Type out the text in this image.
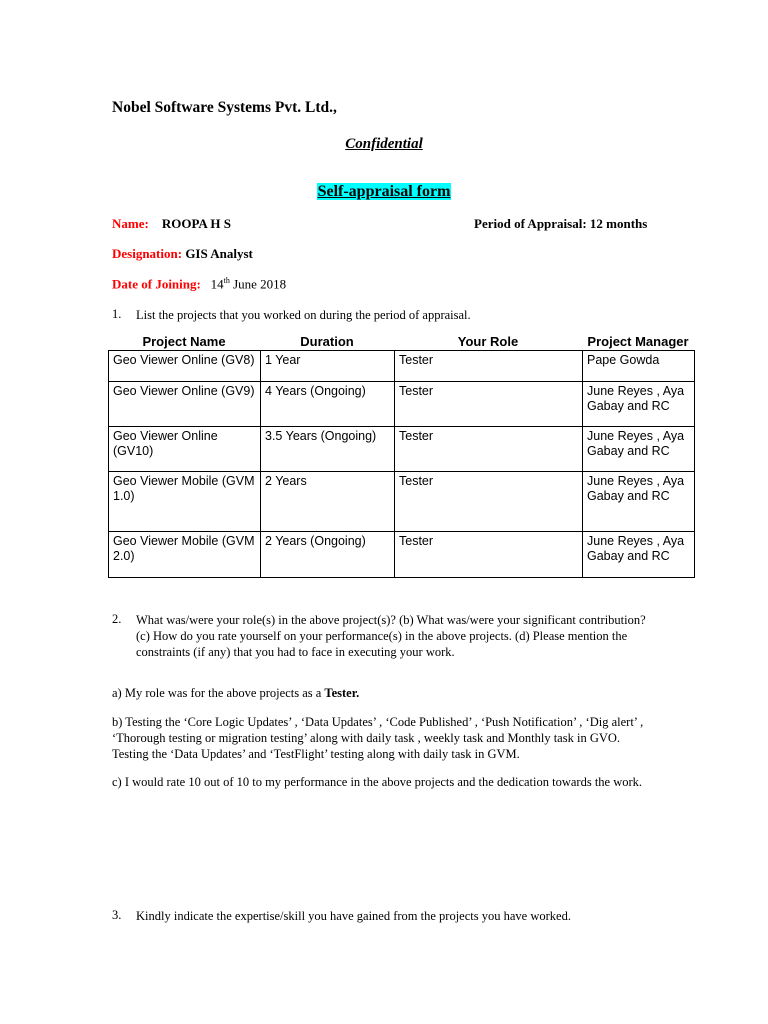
Nobel Software Systems Pvt. Ltd.,
Confidential
Self-appraisal form
Name: ROOPA H S	Period of Appraisal: 12 months
Designation: GIS Analyst
Date of Joining: 14th June 2018
1. List the projects that you worked on during the period of appraisal.
Project Name	Duration	Your Role	Project Manager
Geo Viewer Online (GV8)	1 Year	Tester	Pape Gowda
Geo Viewer Online (GV9)	4 Years (Ongoing)	Tester	June Reyes , Aya Gabay and RC
Geo Viewer Online (GV10)	3.5 Years (Ongoing)	Tester	June Reyes , Aya Gabay and RC
Geo Viewer Mobile (GVM 1.0)	2 Years	Tester	June Reyes , Aya Gabay and RC
Geo Viewer Mobile (GVM 2.0)	2 Years (Ongoing)	Tester	June Reyes , Aya Gabay and RC
2. What was/were your role(s) in the above project(s)? (b) What was/were your significant contribution?
(c) How do you rate yourself on your performance(s) in the above projects. (d) Please mention the
constraints (if any) that you had to face in executing your work.
a) My role was for the above projects as a Tester.
b) Testing the ‘Core Logic Updates’ , ‘Data Updates’ , ‘Code Published’ , ‘Push Notification’ , ‘Dig alert’ ,
‘Thorough testing or migration testing’ along with daily task , weekly task and Monthly task in GVO.
Testing the ‘Data Updates’ and ‘TestFlight’ testing along with daily task in GVM.
c) I would rate 10 out of 10 to my performance in the above projects and the dedication towards the work.
3. Kindly indicate the expertise/skill you have gained from the projects you have worked.
